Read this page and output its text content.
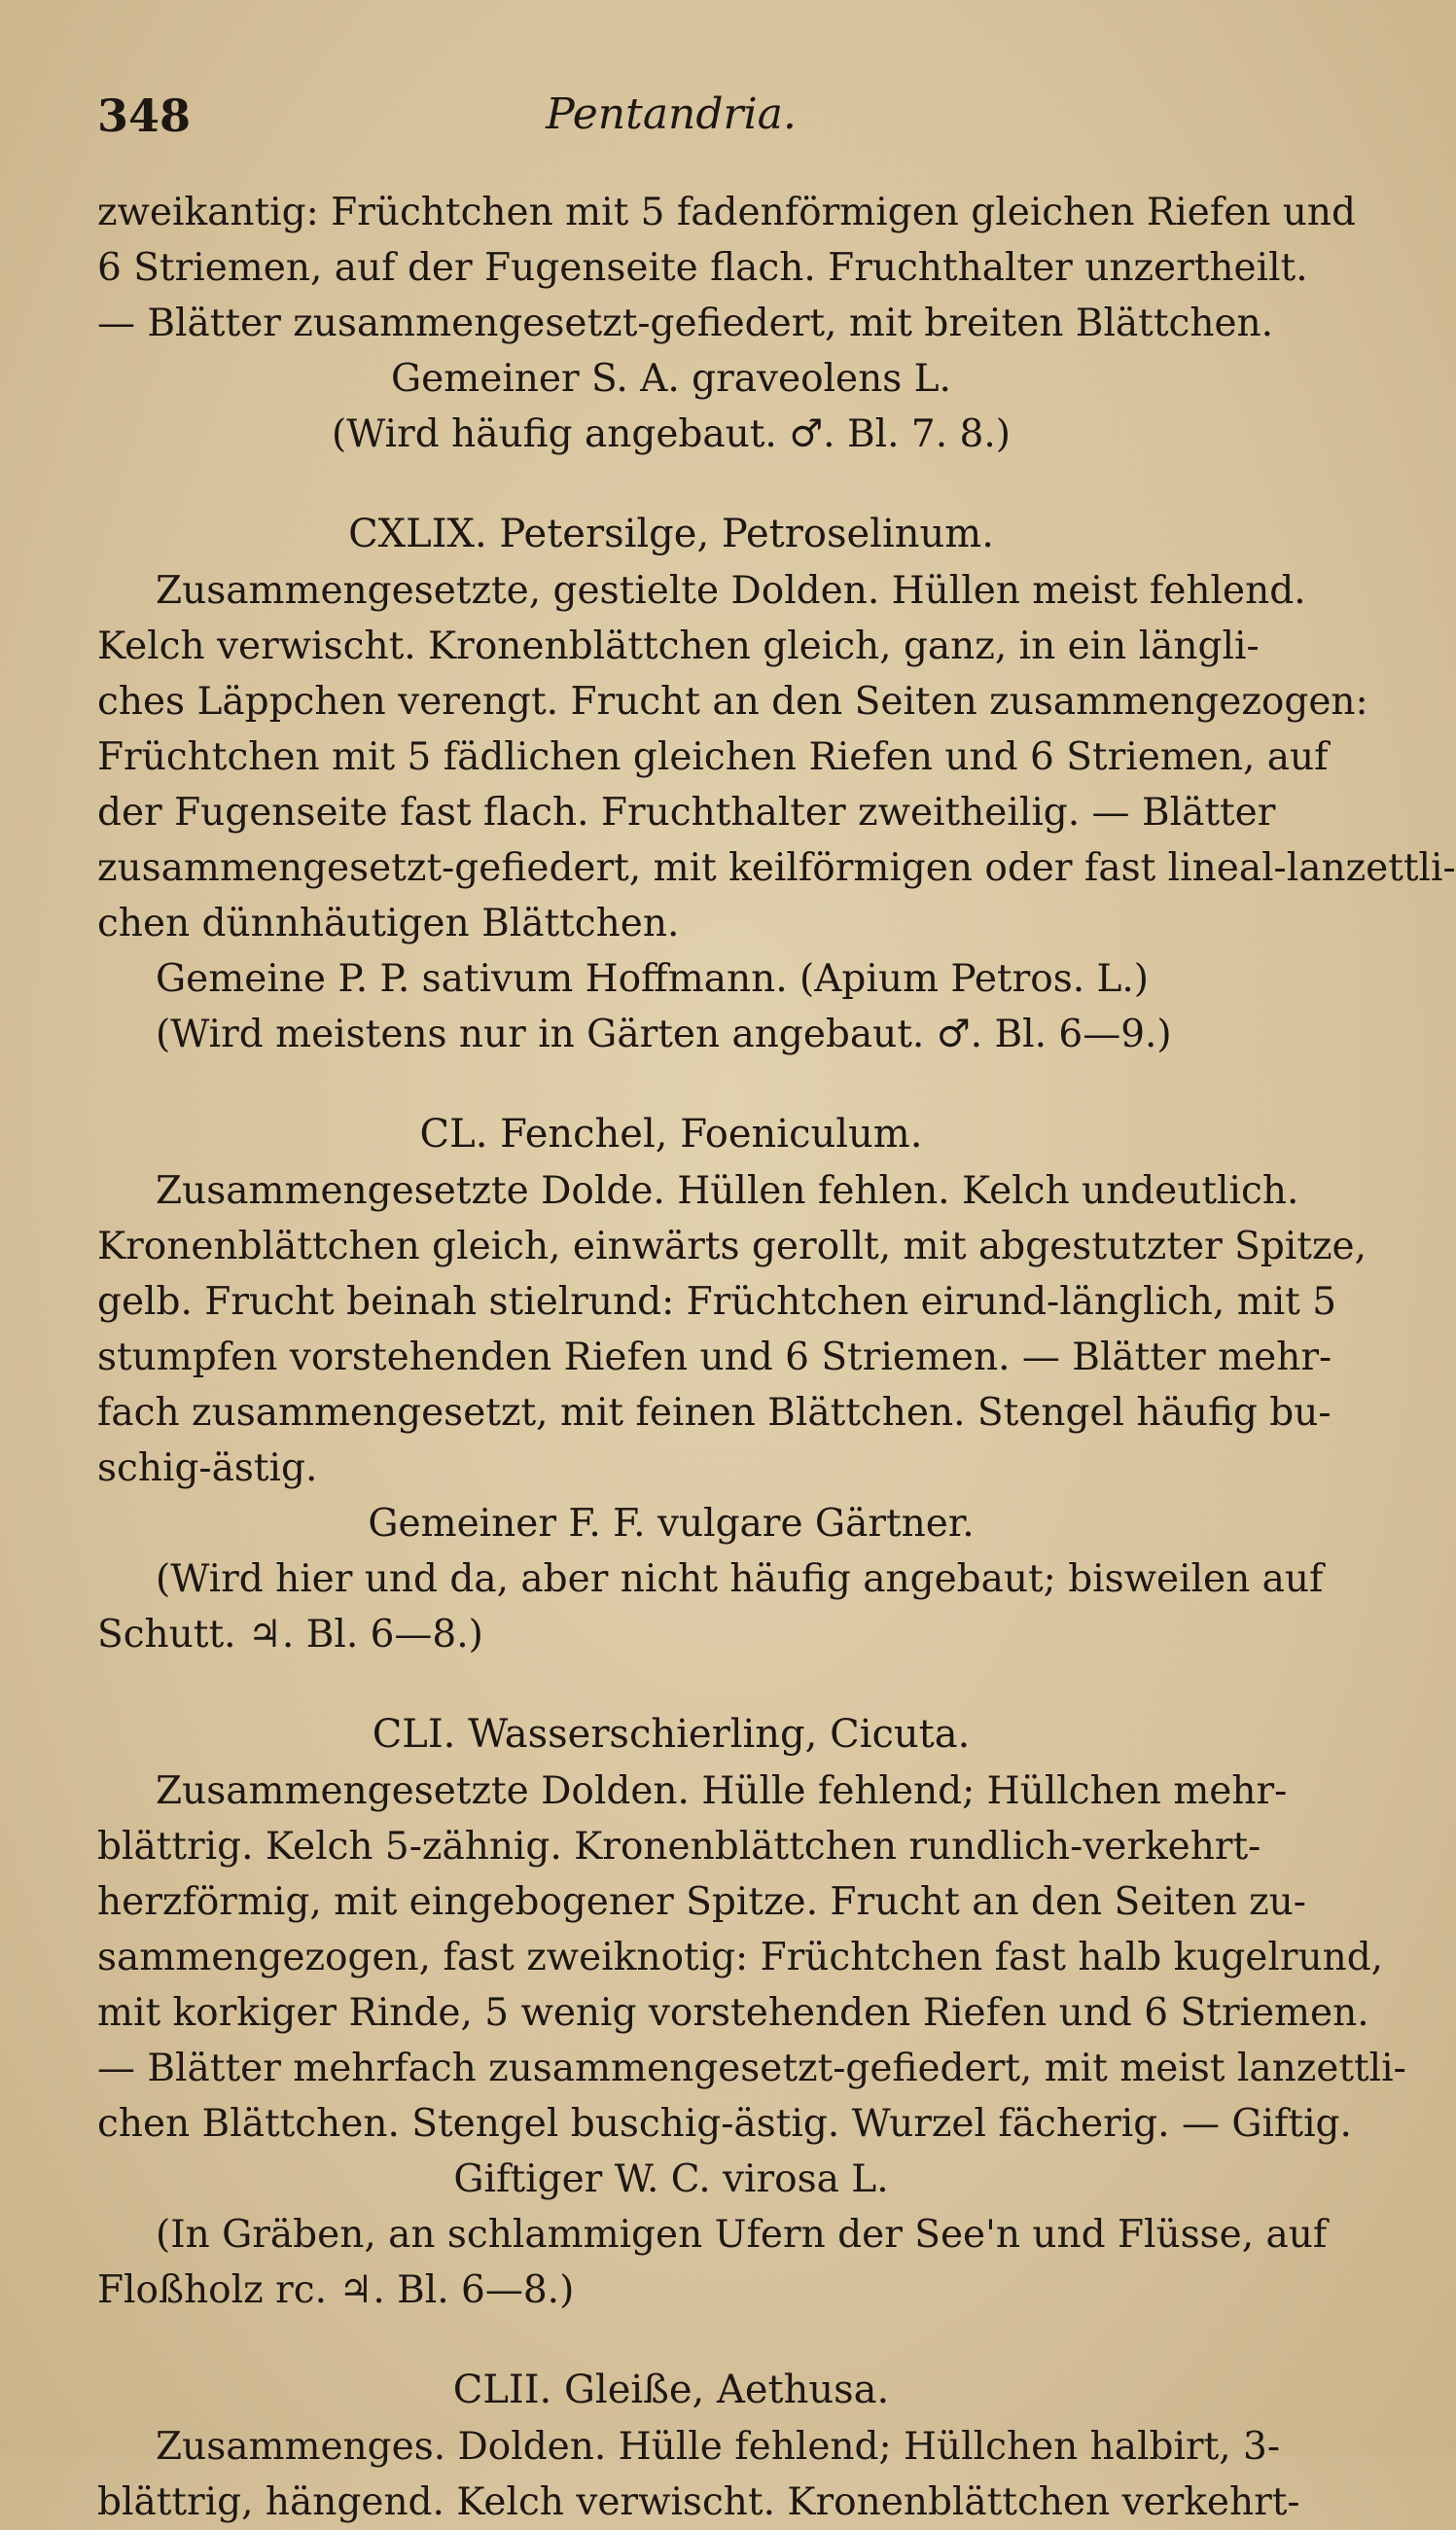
348	Pentandria.
zweikantig: Früchtchen mit 5 fadenförmigen gleichen Riefen und
6 Striemen, auf der Fugenseite flach. Fruchthalter unzertheilt.
— Blätter zusammengesetzt-gefiedert, mit breiten Blättchen.
Gemeiner S. A. graveolens L.
(Wird häufig angebaut. ♂. Bl. 7. 8.)
CXLIX. Petersilge, Petroselinum.
Zusammengesetzte, gestielte Dolden. Hüllen meist fehlend.
Kelch verwischt. Kronenblättchen gleich, ganz, in ein längli-
ches Läppchen verengt. Frucht an den Seiten zusammengezogen:
Früchtchen mit 5 fädlichen gleichen Riefen und 6 Striemen, auf
der Fugenseite fast flach. Fruchthalter zweitheilig. — Blätter
zusammengesetzt-gefiedert, mit keilförmigen oder fast lineal-lanzettli-
chen dünnhäutigen Blättchen.
Gemeine P. P. sativum Hoffmann. (Apium Petros. L.)
(Wird meistens nur in Gärten angebaut. ♂. Bl. 6—9.)
CL. Fenchel, Foeniculum.
Zusammengesetzte Dolde. Hüllen fehlen. Kelch undeutlich.
Kronenblättchen gleich, einwärts gerollt, mit abgestutzter Spitze,
gelb. Frucht beinah stielrund: Früchtchen eirund-länglich, mit 5
stumpfen vorstehenden Riefen und 6 Striemen. — Blätter mehr-
fach zusammengesetzt, mit feinen Blättchen. Stengel häufig bu-
schig-ästig.
Gemeiner F. F. vulgare Gärtner.
(Wird hier und da, aber nicht häufig angebaut; bisweilen auf
Schutt. ♃. Bl. 6—8.)
CLI. Wasserschierling, Cicuta.
Zusammengesetzte Dolden. Hülle fehlend; Hüllchen mehr-
blättrig. Kelch 5-zähnig. Kronenblättchen rundlich-verkehrt-
herzförmig, mit eingebogener Spitze. Frucht an den Seiten zu-
sammengezogen, fast zweiknotig: Früchtchen fast halb kugelrund,
mit korkiger Rinde, 5 wenig vorstehenden Riefen und 6 Striemen.
— Blätter mehrfach zusammengesetzt-gefiedert, mit meist lanzettli-
chen Blättchen. Stengel buschig-ästig. Wurzel fächerig. — Giftig.
Giftiger W. C. virosa L.
(In Gräben, an schlammigen Ufern der See'n und Flüsse, auf
Floßholz rc. ♃. Bl. 6—8.)
CLII. Gleiße, Aethusa.
Zusammenges. Dolden. Hülle fehlend; Hüllchen halbirt, 3-
blättrig, hängend. Kelch verwischt. Kronenblättchen verkehrt-
